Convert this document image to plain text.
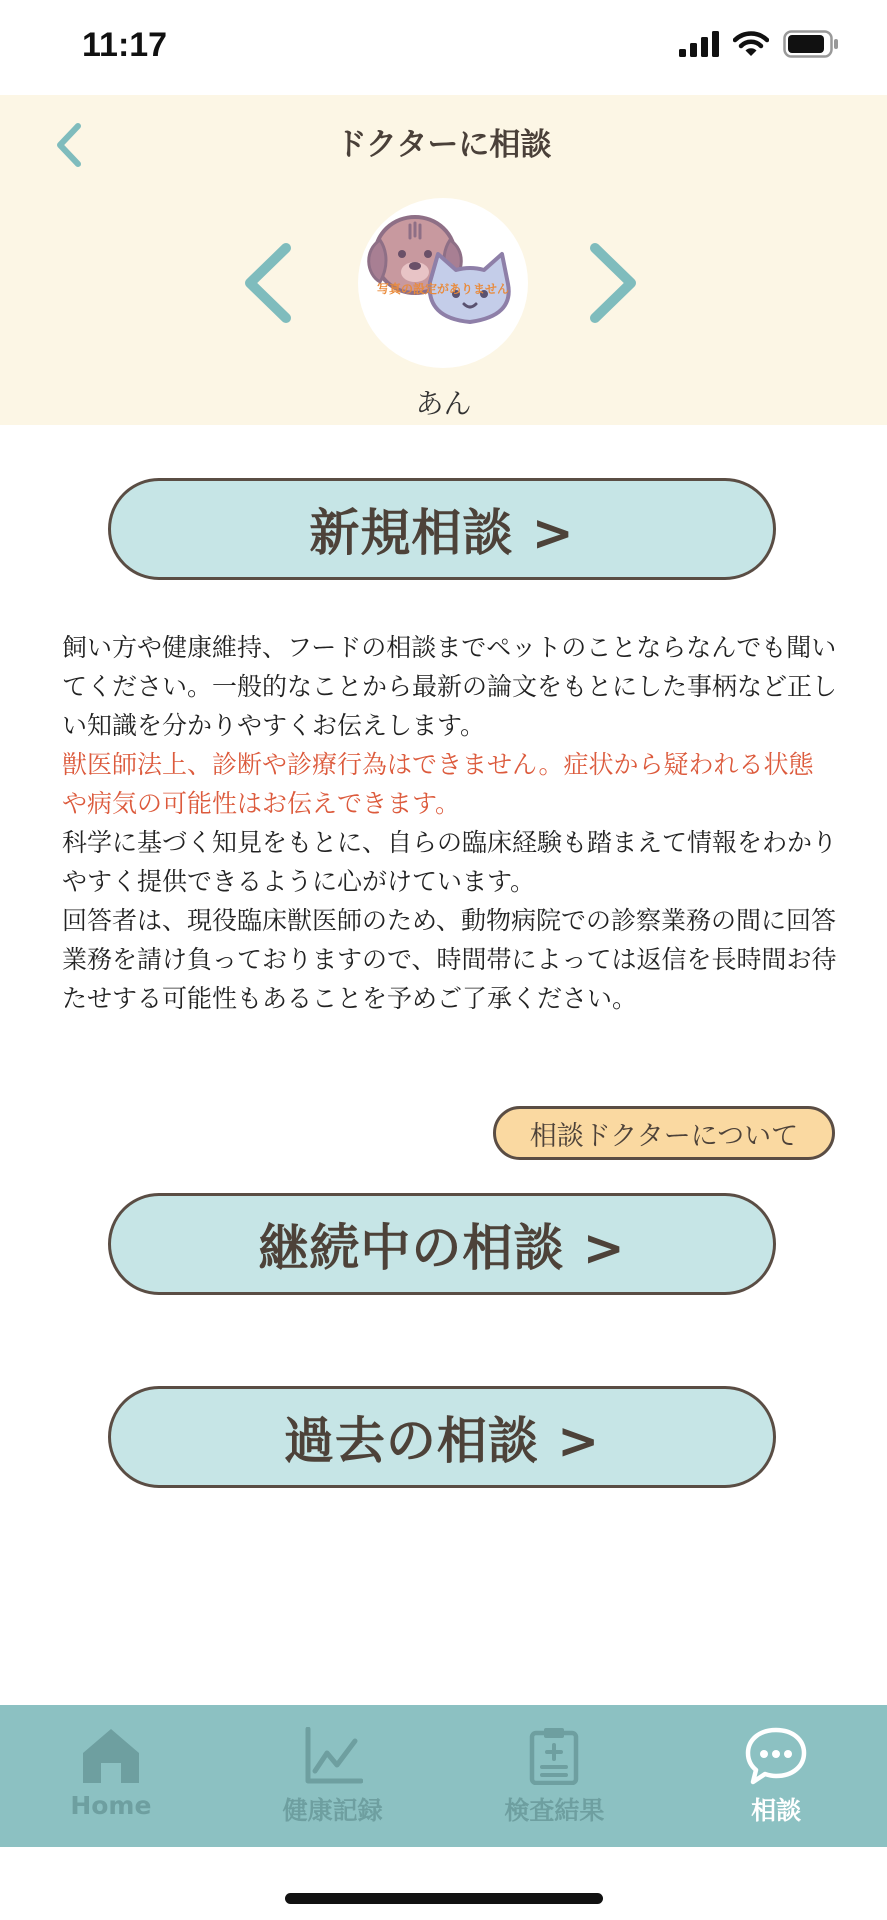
11:17
ドクターに相談
写真の設定がありません
あん
新規相談 >

飼い方や健康維持、フードの相談までペットのことならなんでも聞いてください。一般的なことから最新の論文をもとにした事柄など正しい知識を分かりやすくお伝えします。

獣医師法上、診断や診療行為はできません。症状から疑われる状態や病気の可能性はお伝えできます。

科学に基づく知見をもとに、自らの臨床経験も踏まえて情報をわかりやすく提供できるように心がけています。

回答者は、現役臨床獣医師のため、動物病院での診察業務の間に回答業務を請け負っておりますので、時間帯によっては返信を長時間お待たせする可能性もあることを予めご了承ください。

相談ドクターについて
継続中の相談 >
過去の相談 >
Home	健康記録	検査結果	相談
